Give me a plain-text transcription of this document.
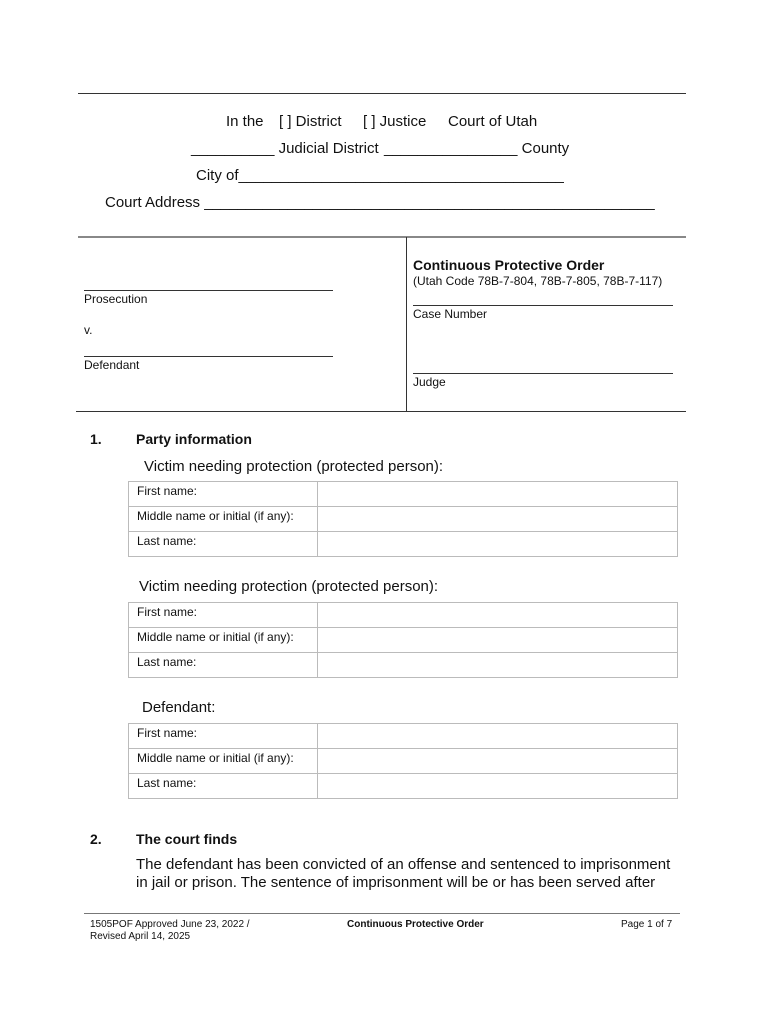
In the [ ] District [ ] Justice Court of Utah
__________ Judicial District ________________ County
City of_______________________________________
Court Address ______________________________________________________
Prosecution
v.
Defendant
Continuous Protective Order
(Utah Code 78B-7-804, 78B-7-805, 78B-7-117)
Case Number
Judge
1. Party information
Victim needing protection (protected person):
First name:	
Middle name or initial (if any):	
Last name:	
Victim needing protection (protected person):
First name:	
Middle name or initial (if any):	
Last name:	
Defendant:
First name:	
Middle name or initial (if any):	
Last name:	
2. The court finds
The defendant has been convicted of an offense and sentenced to imprisonment
in jail or prison. The sentence of imprisonment will be or has been served after
1505POF Approved June 23, 2022 /
Revised April 14, 2025
Continuous Protective Order	Page 1 of 7
